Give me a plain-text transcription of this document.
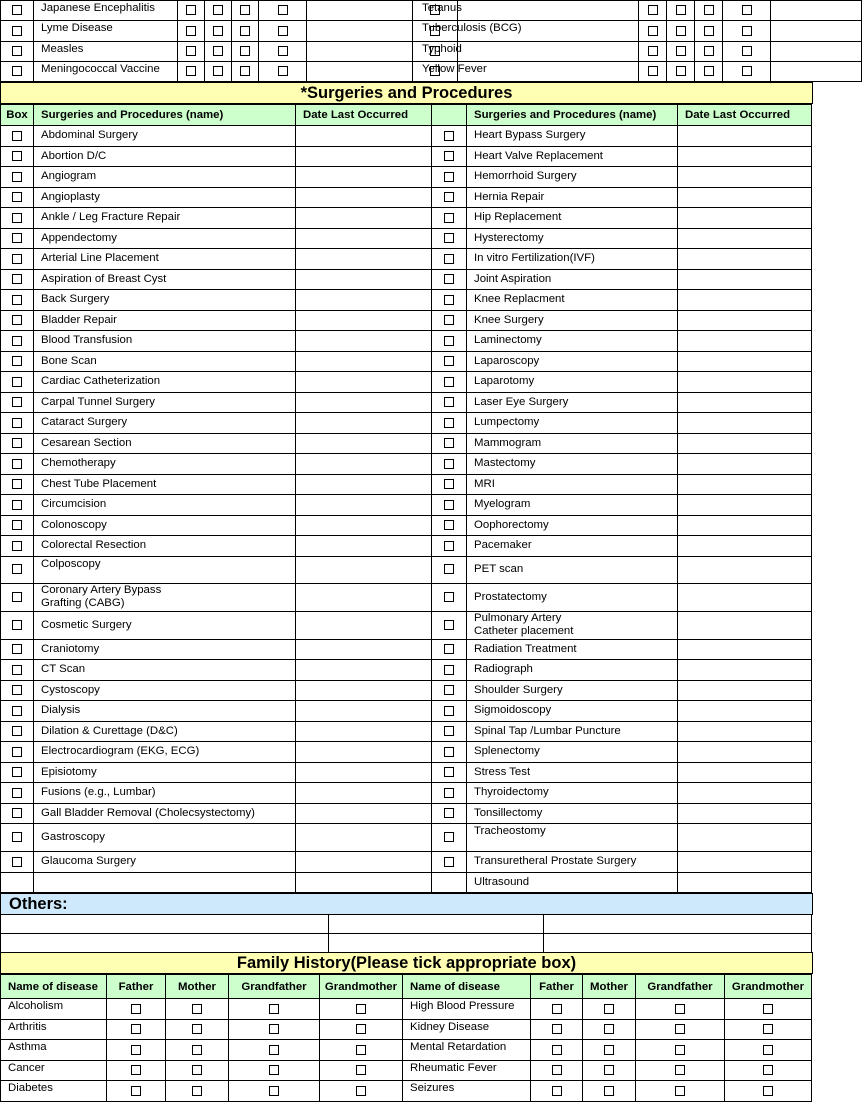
	Japanese Encephalitis							Tetanus					
	Lyme Disease							Tuberculosis (BCG)					
	Measles							Typhoid					
	Meningococcal Vaccine							Yellow Fever					
*Surgeries and Procedures
Box	Surgeries and Procedures (name)	Date Last Occurred		Surgeries and Procedures (name)	Date Last Occurred
	Abdominal Surgery			Heart Bypass Surgery	
	Abortion D/C			Heart Valve Replacement	
	Angiogram			Hemorrhoid Surgery	
	Angioplasty			Hernia Repair	
	Ankle / Leg Fracture Repair			Hip Replacement	
	Appendectomy			Hysterectomy	
	Arterial Line Placement			In vitro Fertilization(IVF)	
	Aspiration of Breast Cyst			Joint Aspiration	
	Back Surgery			Knee Replacment	
	Bladder Repair			Knee Surgery	
	Blood Transfusion			Laminectomy	
	Bone Scan			Laparoscopy	
	Cardiac Catheterization			Laparotomy	
	Carpal Tunnel Surgery			Laser Eye Surgery	
	Cataract Surgery			Lumpectomy	
	Cesarean Section			Mammogram	
	Chemotherapy			Mastectomy	
	Chest Tube Placement			MRI	
	Circumcision			Myelogram	
	Colonoscopy			Oophorectomy	
	Colorectal Resection			Pacemaker	
	Colposcopy			PET scan	
	Coronary Artery Bypass
Grafting (CABG)			Prostatectomy	
	Cosmetic Surgery			Pulmonary Artery
Catheter placement	
	Craniotomy			Radiation Treatment	
	CT Scan			Radiograph	
	Cystoscopy			Shoulder Surgery	
	Dialysis			Sigmoidoscopy	
	Dilation & Curettage (D&C)			Spinal Tap /Lumbar Puncture	
	Electrocardiogram (EKG, ECG)			Splenectomy	
	Episiotomy			Stress Test	
	Fusions (e.g., Lumbar)			Thyroidectomy	
	Gall Bladder Removal (Cholecsystectomy)			Tonsillectomy	
	Gastroscopy			Tracheostomy	
	Glaucoma Surgery			Transuretheral Prostate Surgery	
				Ultrasound	
Others:

Family History(Please tick appropriate box)
Name of disease	Father	Mother	Grandfather	Grandmother	Name of disease	Father	Mother	Grandfather	Grandmother
Alcoholism					High Blood Pressure				
Arthritis					Kidney Disease				
Asthma					Mental Retardation				
Cancer					Rheumatic Fever				
Diabetes					Seizures				
